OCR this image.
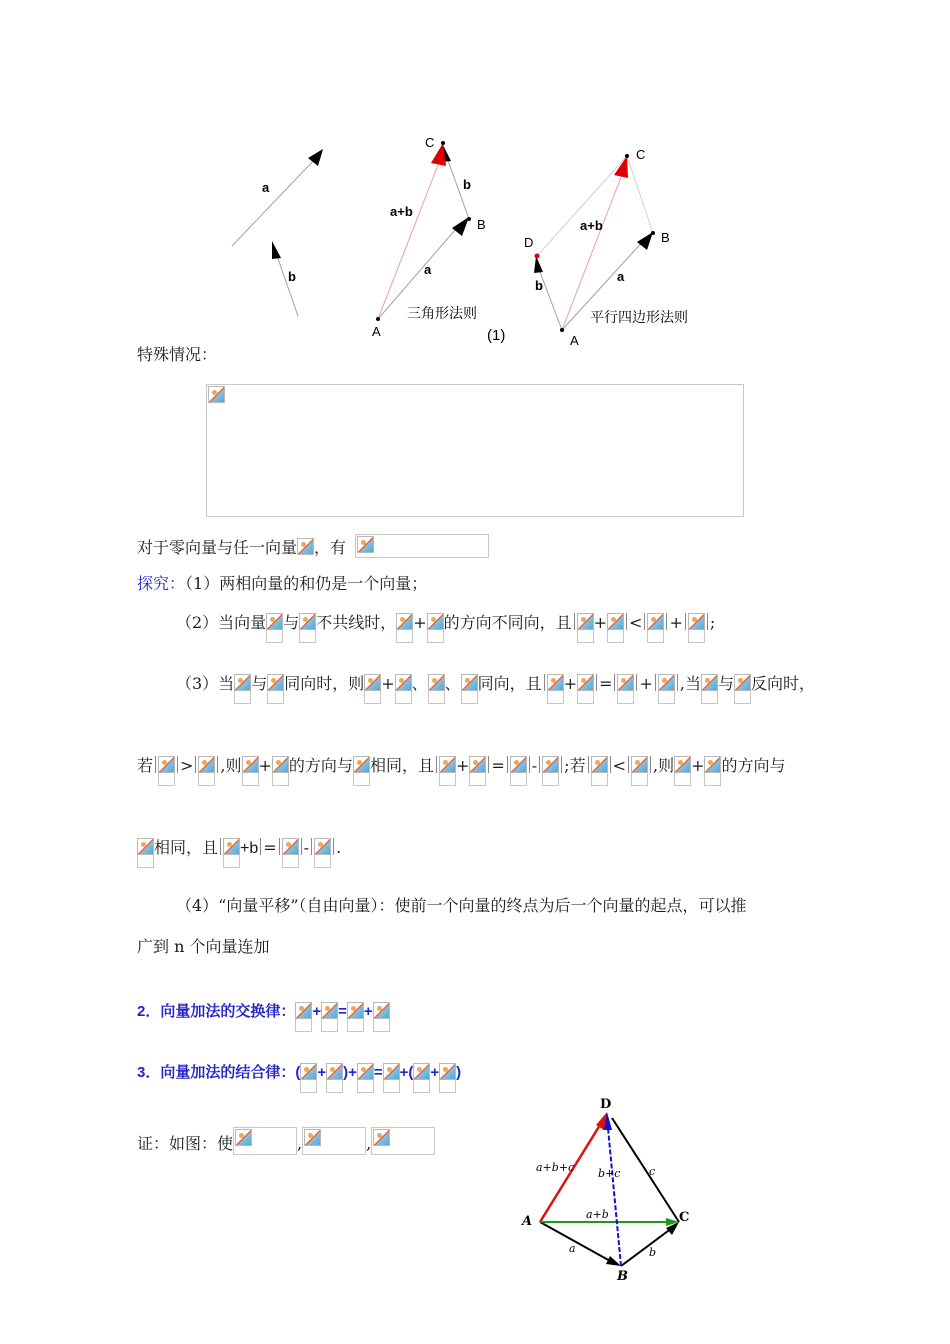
a
b
C
b
a+b
B
a
A
三角形法则
(1)
C
a+b
B
D
a
b
平行四边形法则
A
特殊情况：
对于零向量与任一向量 ，有
探究：（1）两相向量的和仍是一个向量；
（2）当向量 与 不共线时， + 的方向不同向，且 + < + ;
（3）当 与 同向时，则 + 、 、 同向，且 + = + ,当 与 反向时，
若 > ,则 + 的方向与 相同，且 + = - ;若 < ,则 + 的方向与
相同，且 +b = - .
（4）“向量平移”（自由向量）：使前一个向量的终点为后一个向量的起点，可以推
广到 n 个向量连加
2．向量加法的交换律： + = +
3．向量加法的结合律：( + )+ = +( + )
证：如图：使	,	,
D
a+b+c b+c	c
a+b
A	C
a	b
B
